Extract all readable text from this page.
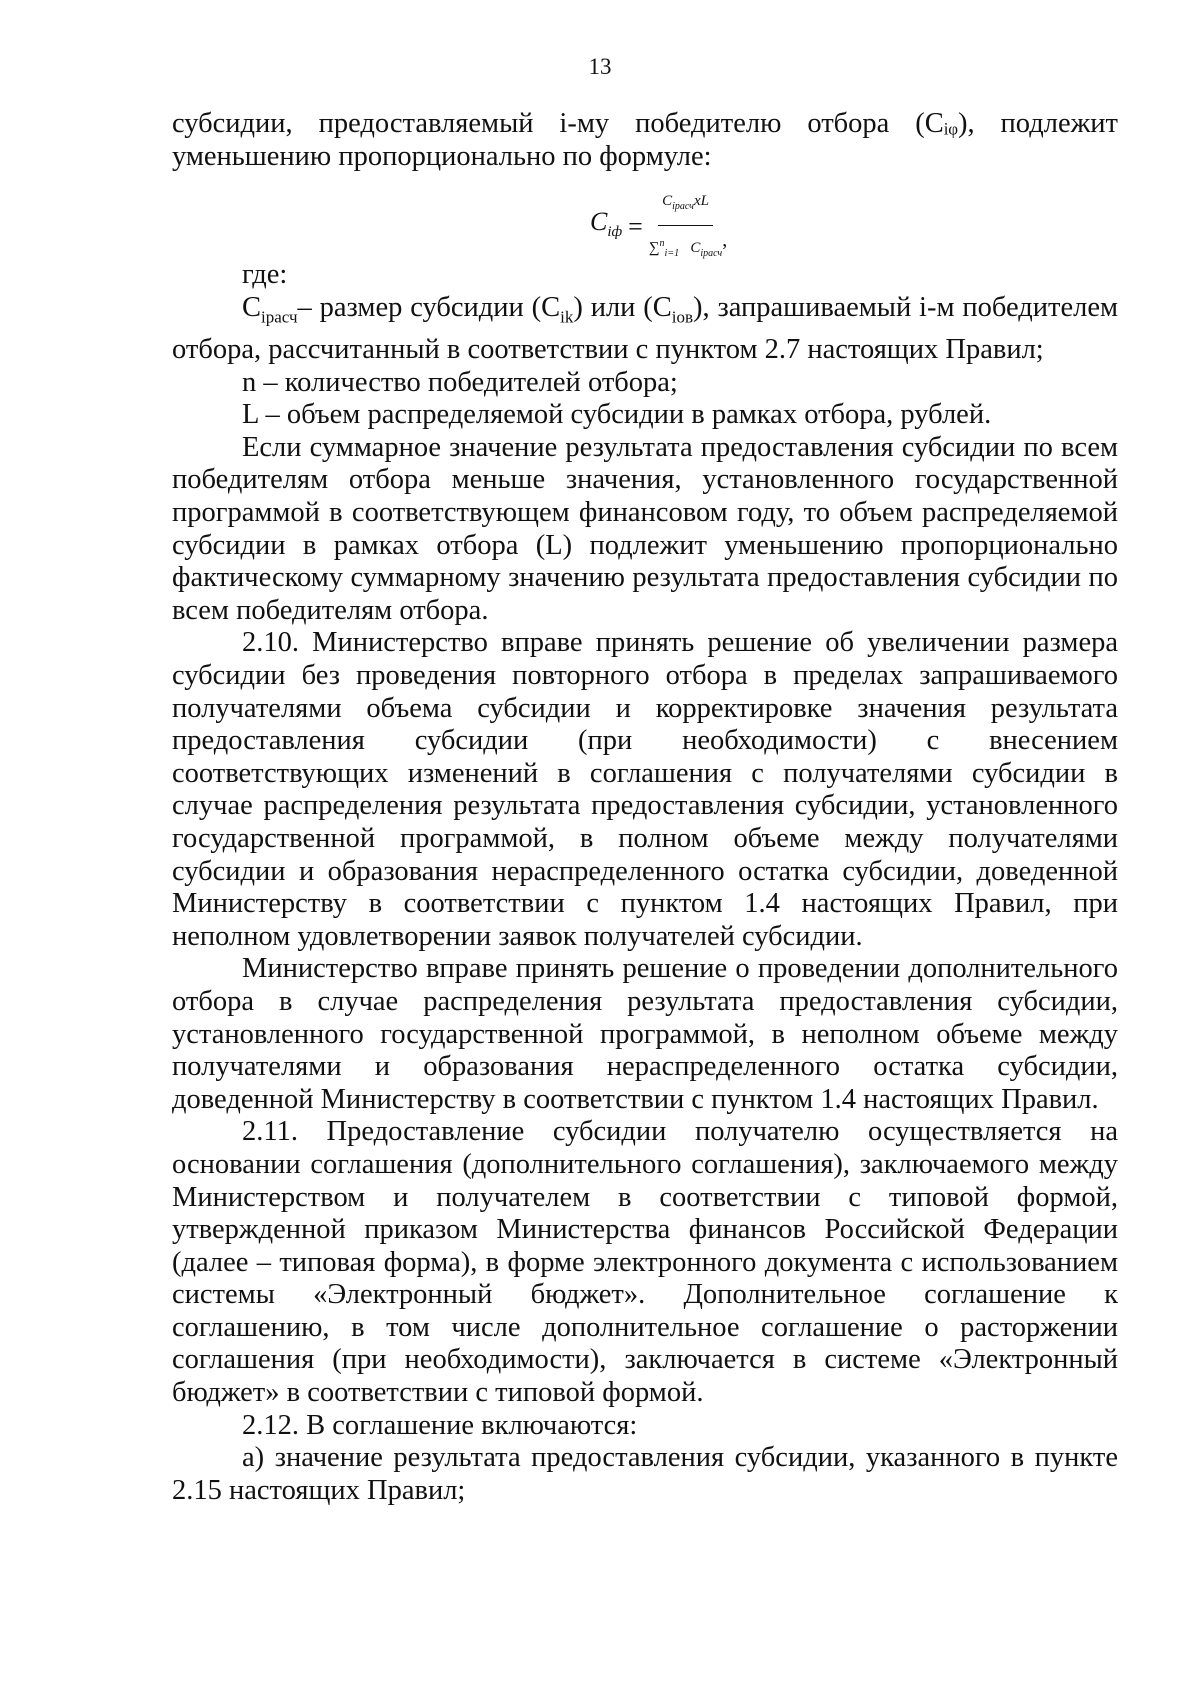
13

субсидии, предоставляемый i-му победителю отбора (Cᵢᵩ), подлежит уменьшению пропорционально по формуле:

$C_{iф} = \frac{C_{iрасч}xL}{\sum^n_{i=1} C_{iрасч}}$ ,

где:

$C_{iрасч}-$ размер субсидии $(C_{ik})$ или $(C_{iов})$, запрашиваемый i-м победителем отбора, рассчитанный в соответствии с пунктом 2.7 настоящих Правил;

n – количество победителей отбора;

L – объем распределяемой субсидии в рамках отбора, рублей.

Если суммарное значение результата предоставления субсидии по всем победителям отбора меньше значения, установленного государственной программой в соответствующем финансовом году, то объем распределяемой субсидии в рамках отбора (L) подлежит уменьшению пропорционально фактическому суммарному значению результата предоставления субсидии по всем победителям отбора.

2.10. Министерство вправе принять решение об увеличении размера субсидии без проведения повторного отбора в пределах запрашиваемого получателями объема субсидии и корректировке значения результата предоставления субсидии (при необходимости) с внесением соответствующих изменений в соглашения с получателями субсидии в случае распределения результата предоставления субсидии, установленного государственной программой, в полном объеме между получателями субсидии и образования нераспределенного остатка субсидии, доведенной Министерству в соответствии с пунктом 1.4 настоящих Правил, при неполном удовлетворении заявок получателей субсидии.

Министерство вправе принять решение о проведении дополнительного отбора в случае распределения результата предоставления субсидии, установленного государственной программой, в неполном объеме между получателями и образования нераспределенного остатка субсидии, доведенной Министерству в соответствии с пунктом 1.4 настоящих Правил.

2.11. Предоставление субсидии получателю осуществляется на основании соглашения (дополнительного соглашения), заключаемого между Министерством и получателем в соответствии с типовой формой, утвержденной приказом Министерства финансов Российской Федерации (далее – типовая форма), в форме электронного документа с использованием системы «Электронный бюджет». Дополнительное соглашение к соглашению, в том числе дополнительное соглашение о расторжении соглашения (при необходимости), заключается в системе «Электронный бюджет» в соответствии с типовой формой.

2.12. В соглашение включаются:

а) значение результата предоставления субсидии, указанного в пункте 2.15 настоящих Правил;
